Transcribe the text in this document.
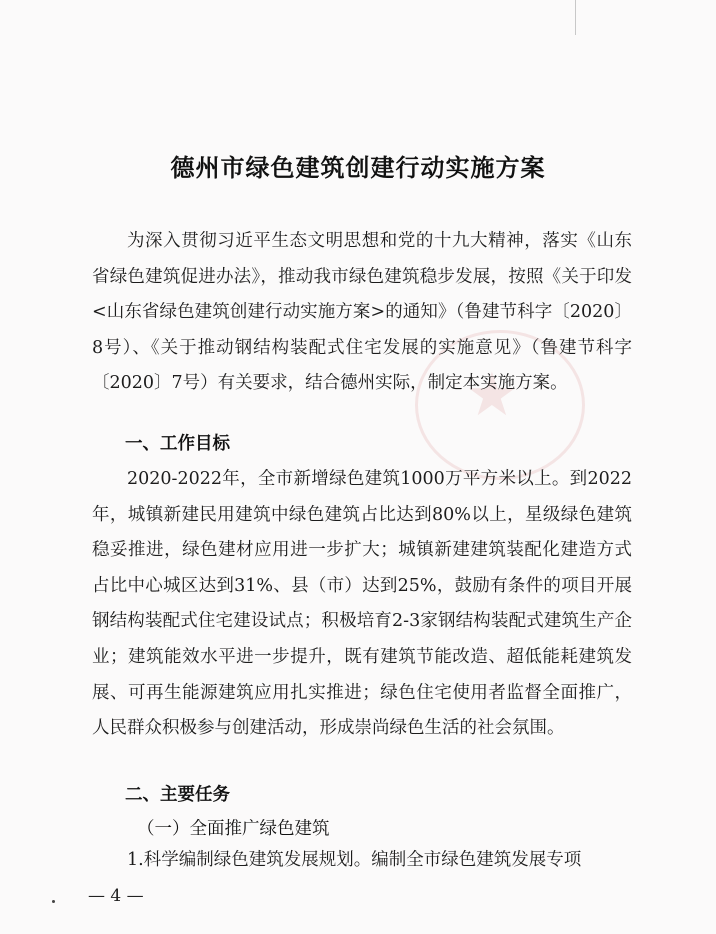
★
德州市绿色建筑创建行动实施方案
为深入贯彻习近平生态文明思想和党的十九大精神，落实《山东省绿色建筑促进办法》，推动我市绿色建筑稳步发展，按照《关于印发<山东省绿色建筑创建行动实施方案>的通知》（鲁建节科字〔2020〕8号）、《关于推动钢结构装配式住宅发展的实施意见》（鲁建节科字〔2020〕7号）有关要求，结合德州实际，制定本实施方案。
一、工作目标
2020-2022年，全市新增绿色建筑1000万平方米以上。到2022年，城镇新建民用建筑中绿色建筑占比达到80%以上，星级绿色建筑稳妥推进，绿色建材应用进一步扩大；城镇新建建筑装配化建造方式占比中心城区达到31%、县（市）达到25%，鼓励有条件的项目开展钢结构装配式住宅建设试点；积极培育2-3家钢结构装配式建筑生产企业；建筑能效水平进一步提升，既有建筑节能改造、超低能耗建筑发展、可再生能源建筑应用扎实推进；绿色住宅使用者监督全面推广，人民群众积极参与创建活动，形成崇尚绿色生活的社会氛围。
二、主要任务
（一）全面推广绿色建筑
1.科学编制绿色建筑发展规划。编制全市绿色建筑发展专项
— 4 —
